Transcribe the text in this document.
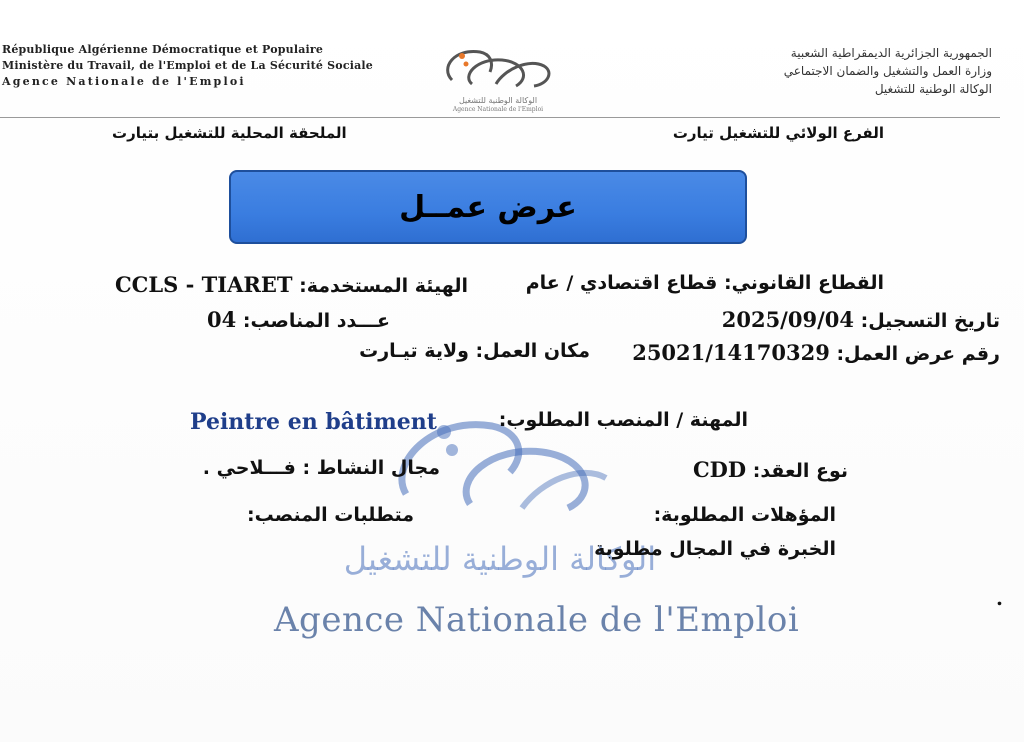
République Algérienne Démocratique et Populaire
Ministère du Travail, de l'Emploi et de La Sécurité Sociale
Agence Nationale de l'Emploi
الجمهورية الجزائرية الديمقراطية الشعبية
وزارة العمل والتشغيل والضمان الاجتماعي
الوكالة الوطنية للتشغيل
الوكالة الوطنية للتشغيل
Agence Nationale de l'Emploi
الفرع الولائي للتشغيل تيارت
الملحقة المحلية للتشغيل بتيارت
عرض عمــل
الوكالة الوطنية للتشغيل
Agence Nationale de l'Emploi
القطاع القانوني: قطاع اقتصادي / عام
الهيئة المستخدمة: CCLS - TIARET
تاريخ التسجيل: 2025/09/04
عـــدد المناصب: 04
رقم عرض العمل: 25021/14170329
مكان العمل: ولاية تيـارت
المهنة / المنصب المطلوب:
Peintre en bâtiment
نوع العقد: CDD
مجال النشاط : فـــلاحي .
المؤهلات المطلوبة:
متطلبات المنصب:
الخبرة في المجال مطلوبة
.
